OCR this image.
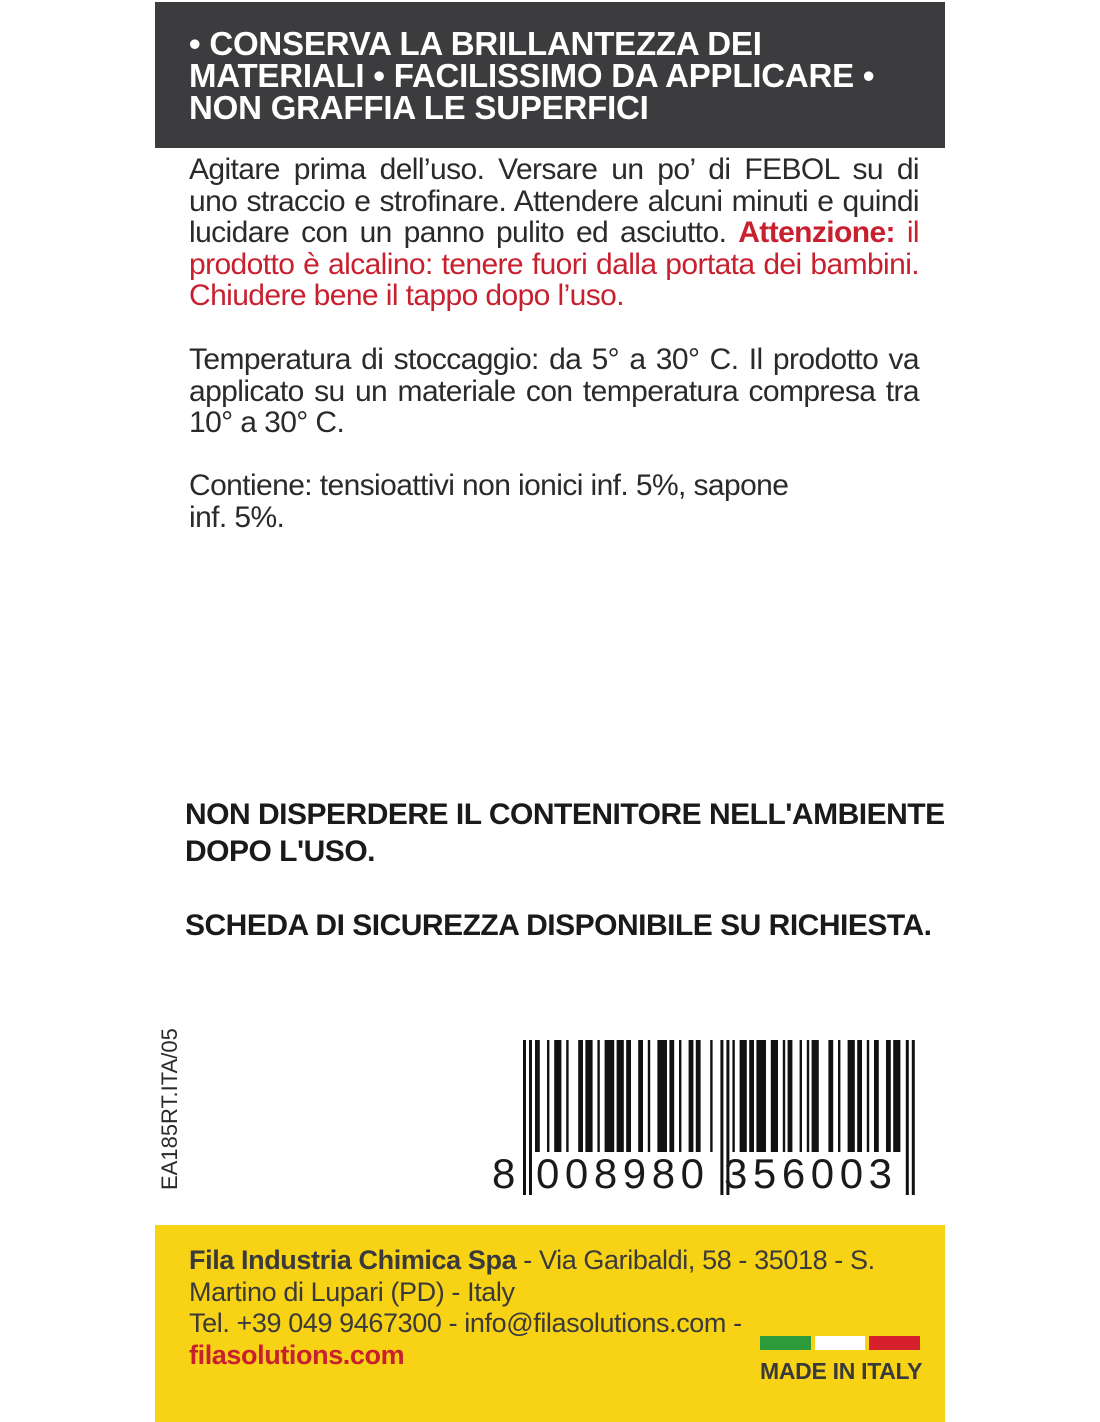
• CONSERVA LA BRILLANTEZZA DEI MATERIALI • FACILISSIMO DA APPLICARE • NON GRAFFIA LE SUPERFICI
Agitare prima dell’uso. Versare un po’ di FEBOL su di uno straccio e strofinare. Attendere alcuni minuti e quindi lucidare con un panno pulito ed asciutto. Attenzione: il prodotto è alcalino: tenere fuori dalla portata dei bambini. Chiudere bene il tappo dopo l’uso.
Temperatura di stoccaggio: da 5° a 30° C. Il prodotto va applicato su un materiale con temperatura compresa tra 10° a 30° C.
Contiene: tensioattivi non ionici inf. 5%, sapone inf. 5%.
NON DISPERDERE IL CONTENITORE NELL'AMBIENTE DOPO L'USO.
SCHEDA DI SICUREZZA DISPONIBILE SU RICHIESTA.
EA185RT.ITA/05	8 008980 356003
Fila Industria Chimica Spa - Via Garibaldi, 58 - 35018 - S. Martino di Lupari (PD) - Italy
Tel. +39 049 9467300 - info@filasolutions.com -
filasolutions.com
MADE IN ITALY
